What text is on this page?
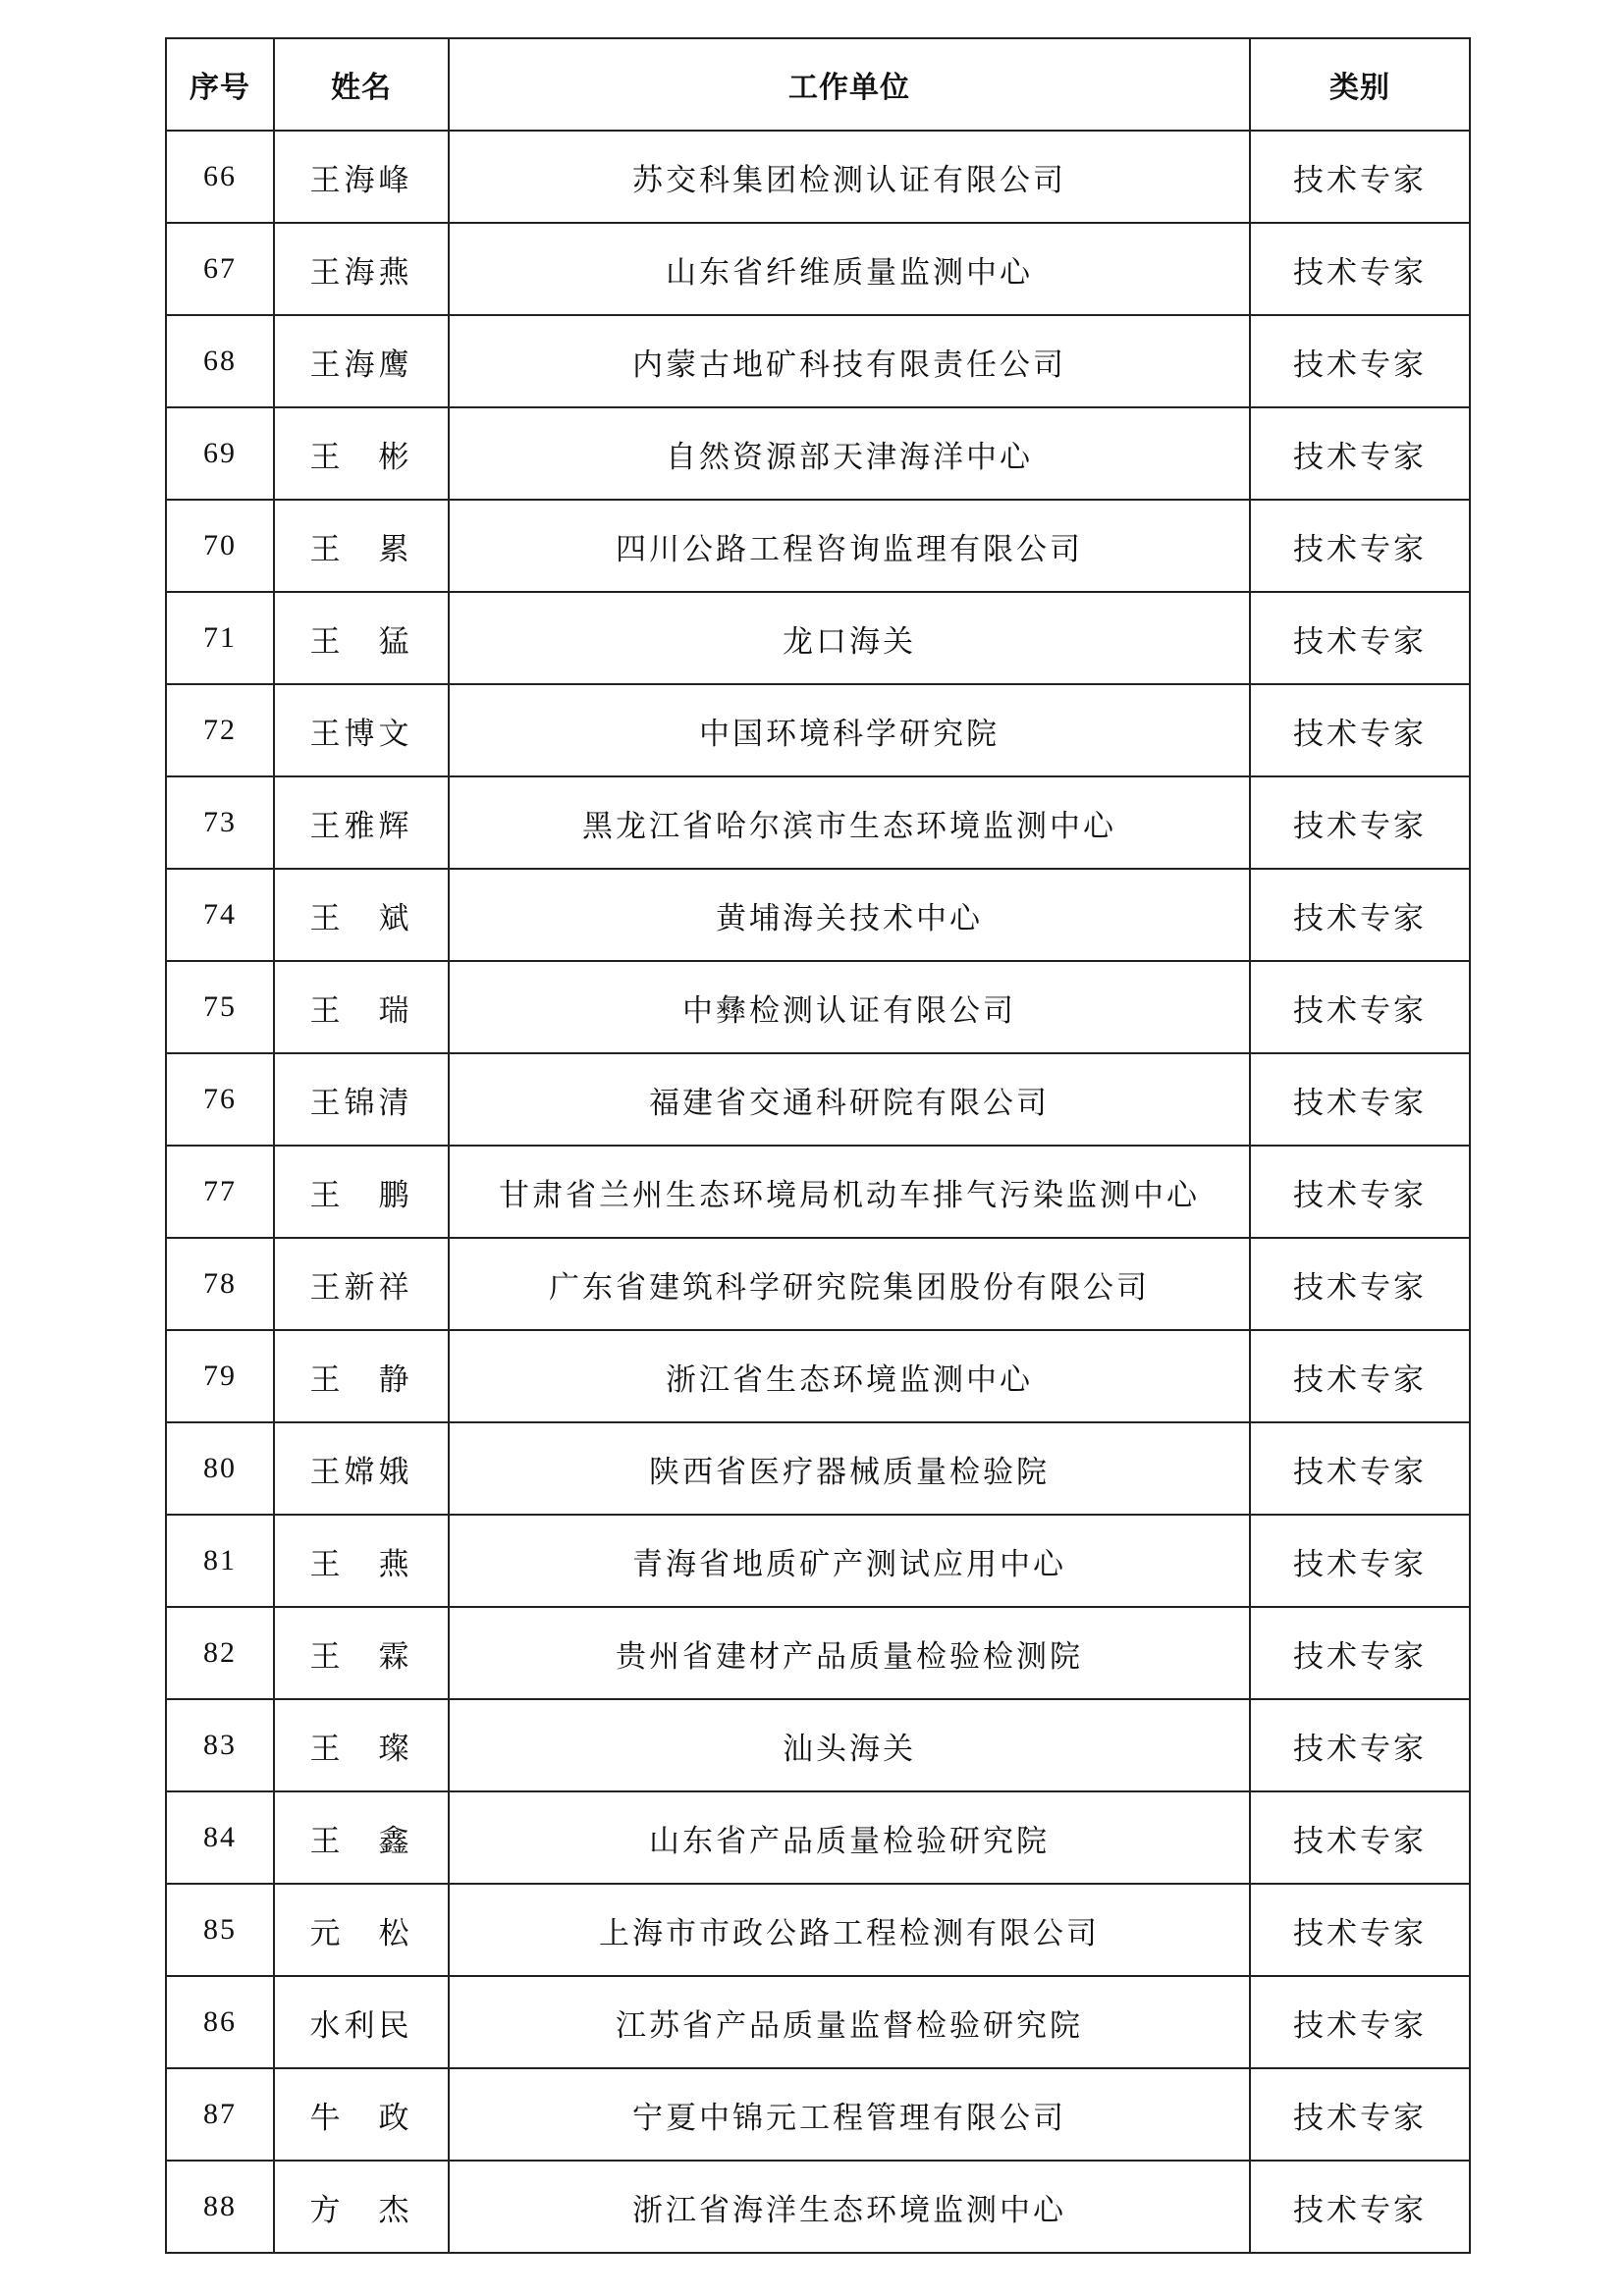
序号	姓名	工作单位	类别
66	王海峰	苏交科集团检测认证有限公司	技术专家
67	王海燕	山东省纤维质量监测中心	技术专家
68	王海鹰	内蒙古地矿科技有限责任公司	技术专家
69	王　彬	自然资源部天津海洋中心	技术专家
70	王　累	四川公路工程咨询监理有限公司	技术专家
71	王　猛	龙口海关	技术专家
72	王博文	中国环境科学研究院	技术专家
73	王雅辉	黑龙江省哈尔滨市生态环境监测中心	技术专家
74	王　斌	黄埔海关技术中心	技术专家
75	王　瑞	中彝检测认证有限公司	技术专家
76	王锦清	福建省交通科研院有限公司	技术专家
77	王　鹏	甘肃省兰州生态环境局机动车排气污染监测中心	技术专家
78	王新祥	广东省建筑科学研究院集团股份有限公司	技术专家
79	王　静	浙江省生态环境监测中心	技术专家
80	王嫦娥	陕西省医疗器械质量检验院	技术专家
81	王　燕	青海省地质矿产测试应用中心	技术专家
82	王　霖	贵州省建材产品质量检验检测院	技术专家
83	王　璨	汕头海关	技术专家
84	王　鑫	山东省产品质量检验研究院	技术专家
85	元　松	上海市市政公路工程检测有限公司	技术专家
86	水利民	江苏省产品质量监督检验研究院	技术专家
87	牛　政	宁夏中锦元工程管理有限公司	技术专家
88	方　杰	浙江省海洋生态环境监测中心	技术专家
